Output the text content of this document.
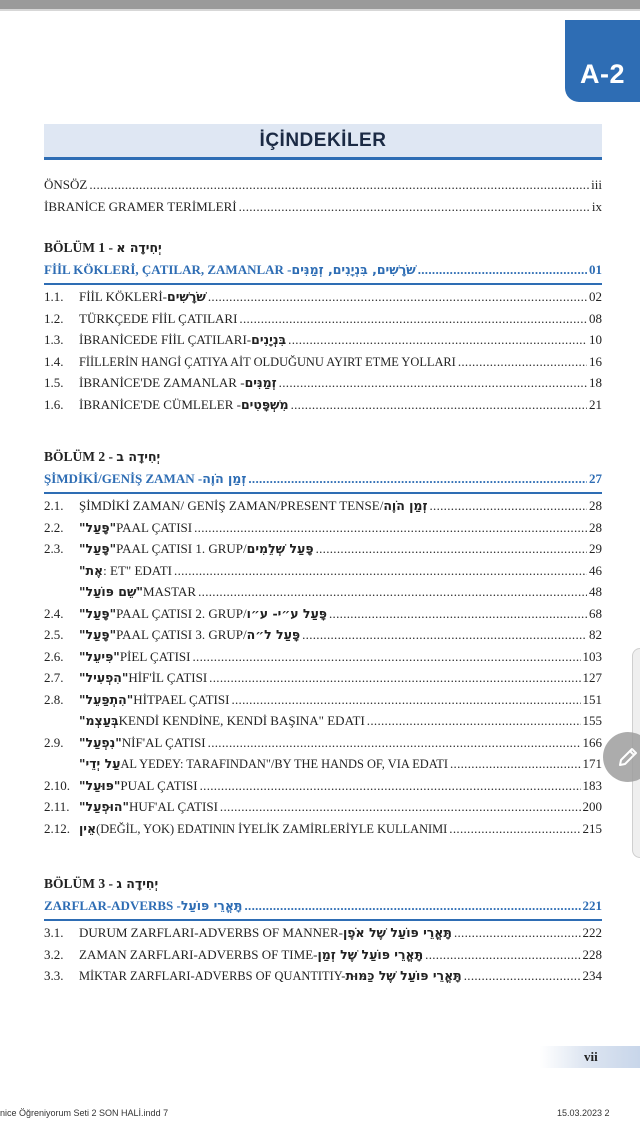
A-2
İÇİNDEKİLER
ÖNSÖZ .....	iii
İBRANİCE GRAMER TERİMLERİ .....	ix
BÖLÜM 1 -
יְחִידָה א
FİİL KÖKLERİ, ÇATILAR, ZAMANLAR - שֹׁרָשִׁים, בִּנְיָנִים, זְמַנִּים .....	01
1.1.	FİİL KÖKLERİ- שֹׁרָשִׁים .....	02
1.2.	TÜRKÇEDE FİİL ÇATILARI .....	08
1.3.	İBRANİCEDE FİİL ÇATILARI- בִּנְיָנִים .....	10
1.4.	FİİLLERİN HANGİ ÇATIYA AİT OLDUĞUNU AYIRT ETME YOLLARI .....	16
1.5.	İBRANİCE'DE ZAMANLAR - זְמַנִּים .....	18
1.6.	İBRANİCE'DE CÜMLELER - מִשְׁפָּטִים .....	21
BÖLÜM 2 -
יְחִידָה ב
ŞİMDİKİ/GENİŞ ZAMAN - זְמַן הֹוֶה .....	27
2.1.	ŞİMDİKİ ZAMAN/ GENİŞ ZAMAN/PRESENT TENSE/ זְמַן הֹוֶה .....	28
2.2.	"פָּעַל" PAAL ÇATISI .....	28
2.3.	"פָּעַל" PAAL ÇATISI 1. GRUP/ פָּעַל שְׁלֵמִים .....	29
"אֶת : ET" EDATI .....	46
"שֵׁם פּוֹעַל" MASTAR .....	48
2.4.	"פָּעַל" PAAL ÇATISI 2. GRUP/ פָּעַל ע״י- ע״ו .....	68
2.5.	"פָּעַל" PAAL ÇATISI 3. GRUP/ פָּעַל ל״ה .....	82
2.6.	"פִּיעֵל" PİEL ÇATISI .....	103
2.7.	"הִפְעִיל" HİF'İL ÇATISI .....	127
2.8.	"הִתְפַּעֵל" HİTPAEL ÇATISI .....	151
"בְּעַצְמ KENDİ KENDİNE, KENDİ BAŞINA" EDATI .....	155
2.9.	"נִפְעַל" NİF'AL ÇATISI .....	166
"עַל יְדֵי AL YEDEY: TARAFINDAN"/BY THE HANDS OF, VIA EDATI .....	171
2.10. "פּוּעַל" PUAL ÇATISI .....	183
2.11. "הוּפְעַל" HUF'AL ÇATISI .....	200
2.12. אֵין (DEĞİL, YOK) EDATININ İYELİK ZAMİRLERİYLE KULLANIMI .....	215
BÖLÜM 3 -
יְחִידָה ג
ZARFLAR-ADVERBS - תָּאֳרֵי פּוֹעַל .....	221
3.1.	DURUM ZARFLARI-ADVERBS OF MANNER- תָּאֳרֵי פּוֹעַל שֶׁל אֹפֶן .....	222
3.2.	ZAMAN ZARFLARI-ADVERBS OF TIME- תָּאֳרֵי פּוֹעַל שֶׁל זְמַן .....	228
3.3.	MİKTAR ZARFLARI-ADVERBS OF QUANTITIY- תָּאֳרֵי פּוֹעַל שֶׁל כַּמּוּת .....	234
vii
nice Öğreniyorum Seti 2 SON HALİ.indd 7	15.03.2023 2
